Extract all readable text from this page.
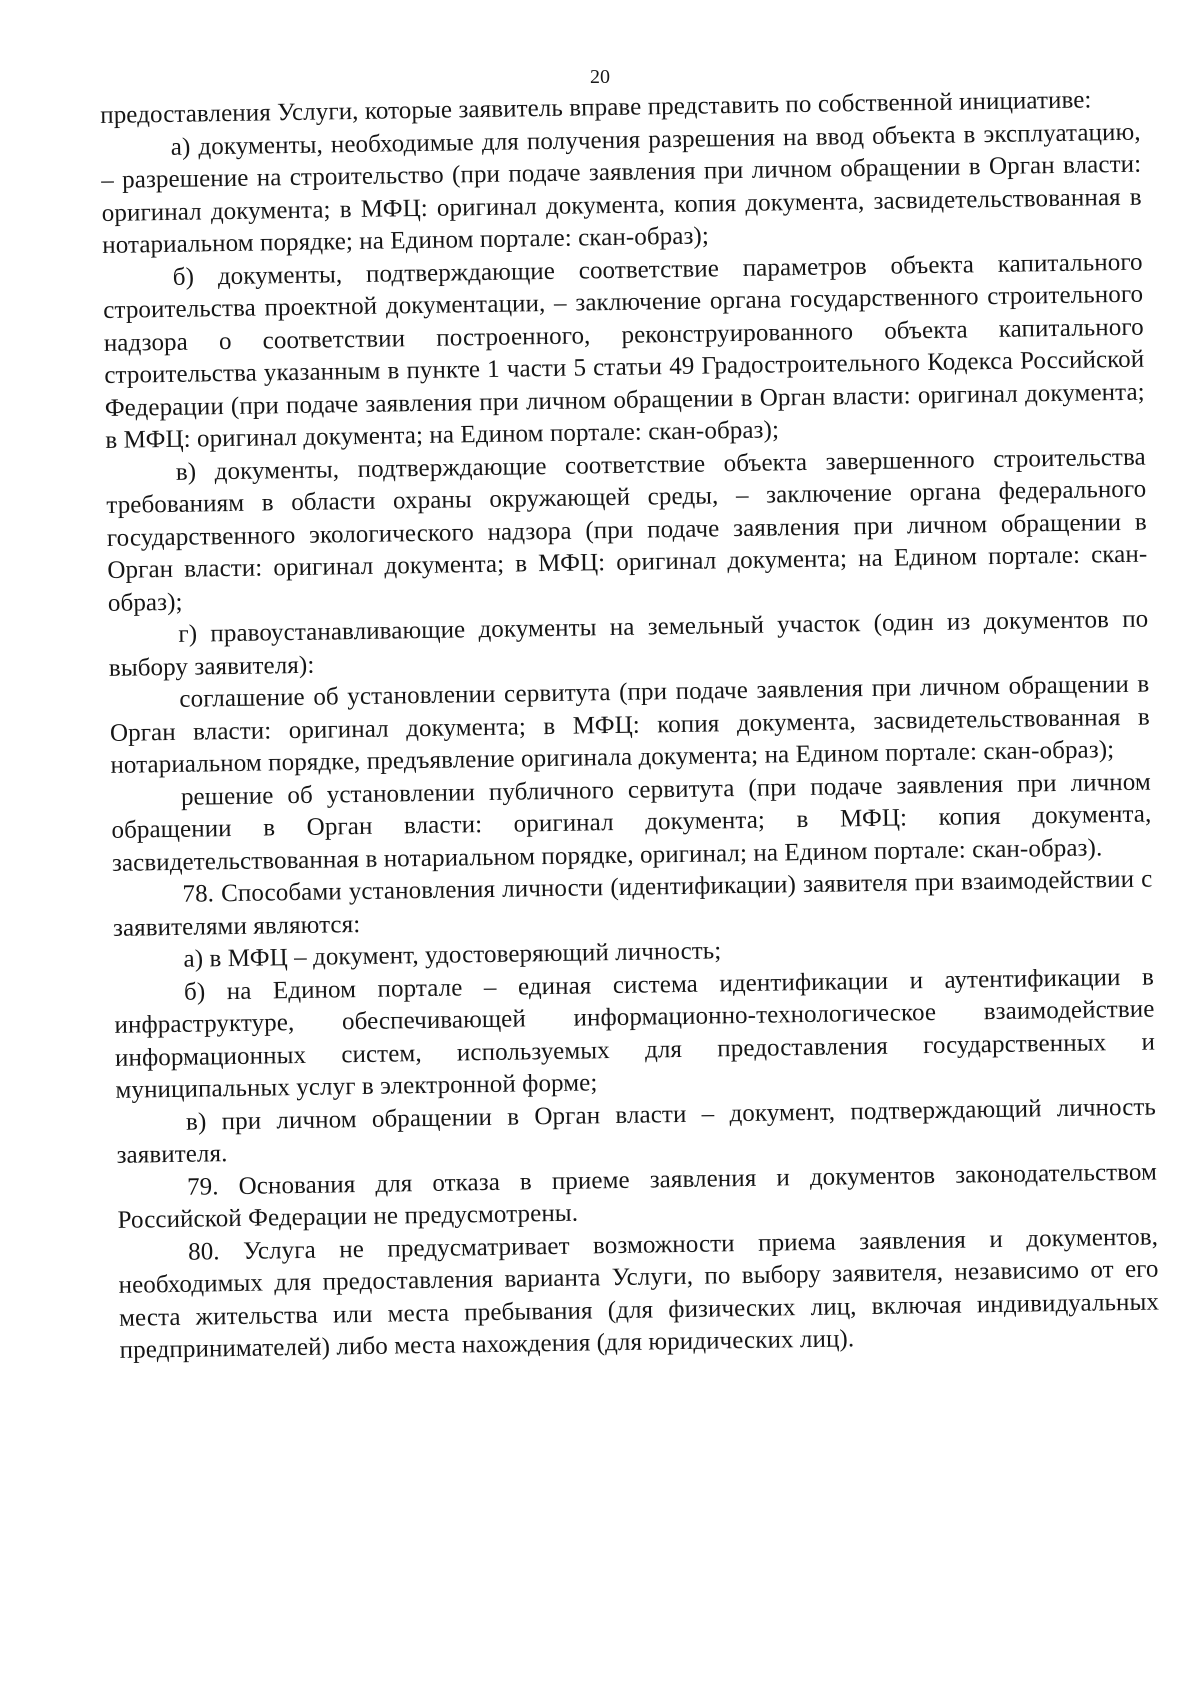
20

предоставления Услуги, которые заявитель вправе представить по собственной инициативе:

а) документы, необходимые для получения разрешения на ввод объекта в эксплуатацию, – разрешение на строительство (при подаче заявления при личном обращении в Орган власти: оригинал документа; в МФЦ: оригинал документа, копия документа, засвидетельствованная в нотариальном порядке; на Едином портале: скан-образ);

б) документы, подтверждающие соответствие параметров объекта капитального строительства проектной документации, – заключение органа государственного строительного надзора о соответствии построенного, реконструированного объекта капитального строительства указанным в пункте 1 части 5 статьи 49 Градостроительного Кодекса Российской Федерации (при подаче заявления при личном обращении в Орган власти: оригинал документа; в МФЦ: оригинал документа; на Едином портале: скан-образ);

в) документы, подтверждающие соответствие объекта завершенного строительства требованиям в области охраны окружающей среды, – заключение органа федерального государственного экологического надзора (при подаче заявления при личном обращении в Орган власти: оригинал документа; в МФЦ: оригинал документа; на Едином портале: скан-образ);

г) правоустанавливающие документы на земельный участок (один из документов по выбору заявителя):

соглашение об установлении сервитута (при подаче заявления при личном обращении в Орган власти: оригинал документа; в МФЦ: копия документа, засвидетельствованная в нотариальном порядке, предъявление оригинала документа; на Едином портале: скан-образ);

решение об установлении публичного сервитута (при подаче заявления при личном обращении в Орган власти: оригинал документа; в МФЦ: копия документа, засвидетельствованная в нотариальном порядке, оригинал; на Едином портале: скан-образ).

78. Способами установления личности (идентификации) заявителя при взаимодействии с заявителями являются:

а) в МФЦ – документ, удостоверяющий личность;

б) на Едином портале – единая система идентификации и аутентификации в инфраструктуре, обеспечивающей информационно-технологическое взаимодействие информационных систем, используемых для предоставления государственных и муниципальных услуг в электронной форме;

в) при личном обращении в Орган власти – документ, подтверждающий личность заявителя.

79. Основания для отказа в приеме заявления и документов законодательством Российской Федерации не предусмотрены.

80. Услуга не предусматривает возможности приема заявления и документов, необходимых для предоставления варианта Услуги, по выбору заявителя, независимо от его места жительства или места пребывания (для физических лиц, включая индивидуальных предпринимателей) либо места нахождения (для юридических лиц).
